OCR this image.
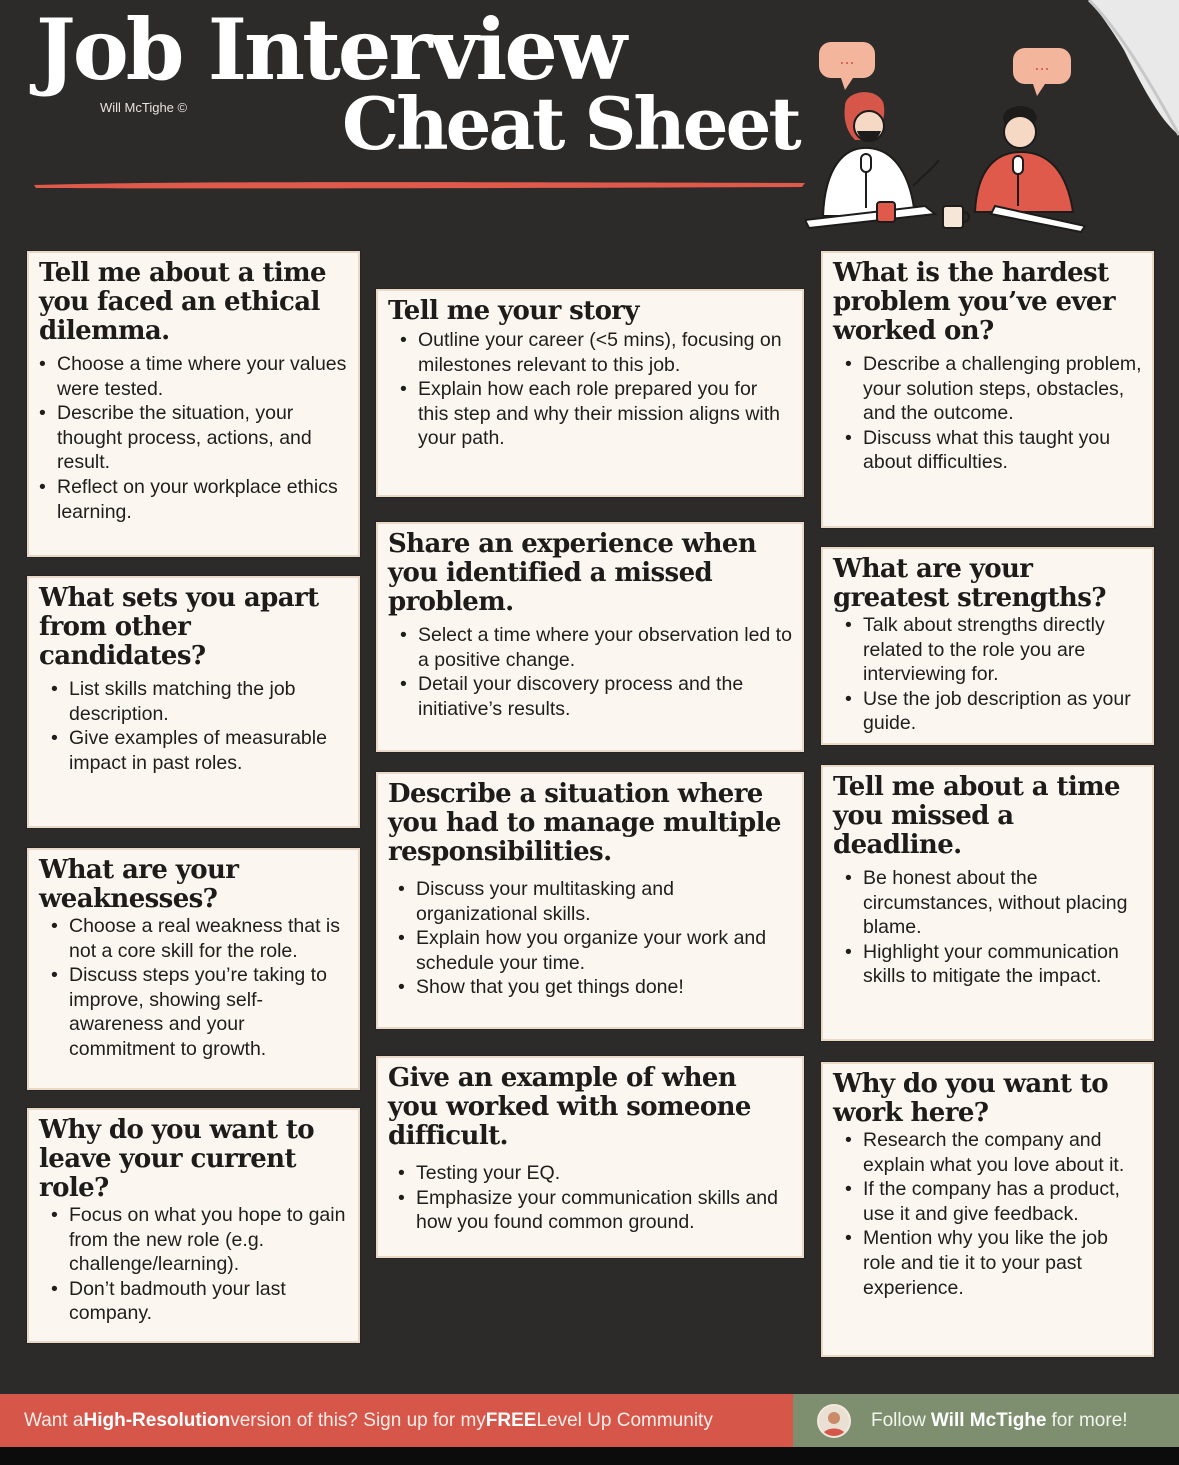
Job Interview
Will McTighe © Cheat Sheet
...	...
Tell me about a time you faced an ethical dilemma.
• Choose a time where your values were tested.
• Describe the situation, your thought process, actions, and result.
• Reflect on your workplace ethics learning.
What sets you apart from other candidates?
• List skills matching the job description.
• Give examples of measurable impact in past roles.
What are your weaknesses?
• Choose a real weakness that is not a core skill for the role.
• Discuss steps you’re taking to improve, showing self-awareness and your commitment to growth.
Why do you want to leave your current role?
• Focus on what you hope to gain from the new role (e.g. challenge/learning).
• Don’t badmouth your last company.
Tell me your story
• Outline your career (<5 mins), focusing on milestones relevant to this job.
• Explain how each role prepared you for this step and why their mission aligns with your path.
Share an experience when you identified a missed problem.
• Select a time where your observation led to a positive change.
• Detail your discovery process and the initiative’s results.
Describe a situation where you had to manage multiple responsibilities.
• Discuss your multitasking and organizational skills.
• Explain how you organize your work and schedule your time.
• Show that you get things done!
Give an example of when you worked with someone difficult.
• Testing your EQ.
• Emphasize your communication skills and how you found common ground.
What is the hardest problem you’ve ever worked on?
• Describe a challenging problem, your solution steps, obstacles, and the outcome.
• Discuss what this taught you about difficulties.
What are your greatest strengths?
• Talk about strengths directly related to the role you are interviewing for.
• Use the job description as your guide.
Tell me about a time you missed a deadline.
• Be honest about the circumstances, without placing blame.
• Highlight your communication skills to mitigate the impact.
Why do you want to work here?
• Research the company and explain what you love about it.
• If the company has a product, use it and give feedback.
• Mention why you like the job role and tie it to your past experience.
Want a High-Resolution version of this? Sign up for my FREE Level Up Community	Follow Will McTighe for more!
